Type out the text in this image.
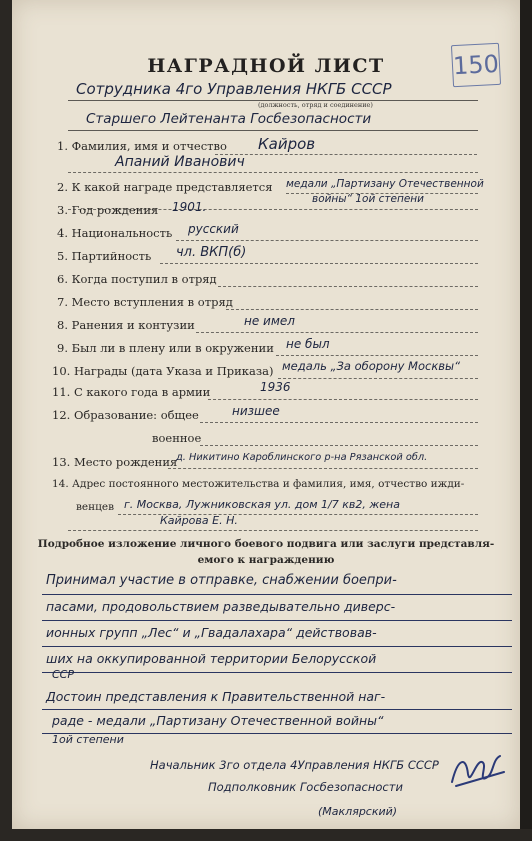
150
НАГРАДНОЙ ЛИСТ
Сотрудника 4го Управления НКГБ СССР
(должность, отряд и соединение)
Старшего Лейтенанта Госбезопасности
1. Фамилия, имя и отчество Кайров
Апаний Иванович
2. К какой награде представляется медали „Партизану Отечественной
войны“ 1ой степени
3. Год рождения 1901.
4. Национальность русский
5. Партийность чл. ВКП(б)
6. Когда поступил в отряд
7. Место вступления в отряд
8. Ранения и контузии	не имел
9. Был ли в плену или в окружении не был
10. Награды (дата Указа и Приказа) медаль „За оборону Москвы“
11. С какого года в армии	1936
12. Образование: общее	низшее
военное
13. Место рождения
д. Никитино Кароблинского р-на Рязанской обл.
14. Адрес постоянного местожительства и фамилия, имя, отчество ижди-
венцев г. Москва, Лужниковская ул. дом 1/7 кв2, жена
Кайрова Е. Н.
Подробное изложение личного боевого подвига или заслуги представля-
емого к награждению
Принимал участие в отправке, снабжении боепри-
пасами, продовольствием разведывательно диверс-
ионных групп „Лес“ и „Гвадалахара“ действовав-
ших на оккупированной территории Белорусской
ССР
Достоин представления к Правительственной наг-
раде - медали „Партизану Отечественной войны“
1ой степени
Начальник 3го отдела 4Управления НКГБ СССР
Подполковник Госбезопасности
(Маклярский)
